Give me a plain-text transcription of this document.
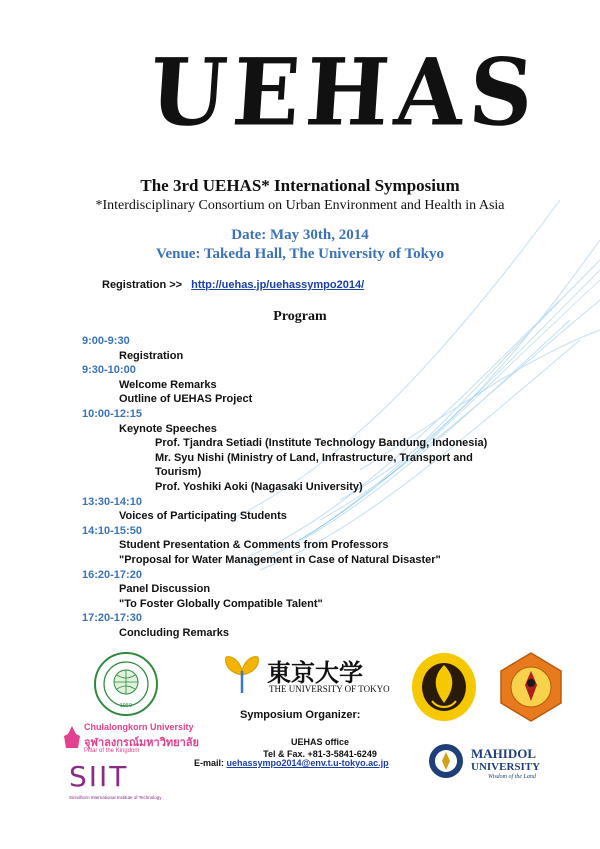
UEHAS
The 3rd UEHAS* International Symposium
*Interdisciplinary Consortium on Urban Environment and Health in Asia
Date: May 30th, 2014
Venue: Takeda Hall, The University of Tokyo
Registration >> http://uehas.jp/uehassympo2014/
Program
9:00-9:30
Registration
9:30-10:00
Welcome Remarks
Outline of UEHAS Project
10:00-12:15
Keynote Speeches
Prof. Tjandra Setiadi (Institute Technology Bandung, Indonesia)
Mr. Syu Nishi (Ministry of Land, Infrastructure, Transport and
Tourism)
Prof. Yoshiki Aoki (Nagasaki University)
13:30-14:10
Voices of Participating Students
14:10-15:50
Student Presentation & Comments from Professors
"Proposal for Water Management in Case of Natural Disaster"
16:20-17:20
Panel Discussion
"To Foster Globally Compatible Talent"
17:20-17:30
Concluding Remarks
1959
東京大学
THE UNIVERSITY OF TOKYO
Chulalongkorn University
จุฬาลงกรณ์มหาวิทยาลัย
Pillar of the Kingdom
SIIT
Sirindhorn International Institute of Technology
Symposium Organizer:
UEHAS office
Tel & Fax. +81-3-5841-6249
E-mail: uehassympo2014@env.t.u-tokyo.ac.jp
MAHIDOL
UNIVERSITY
Wisdom of the Land
